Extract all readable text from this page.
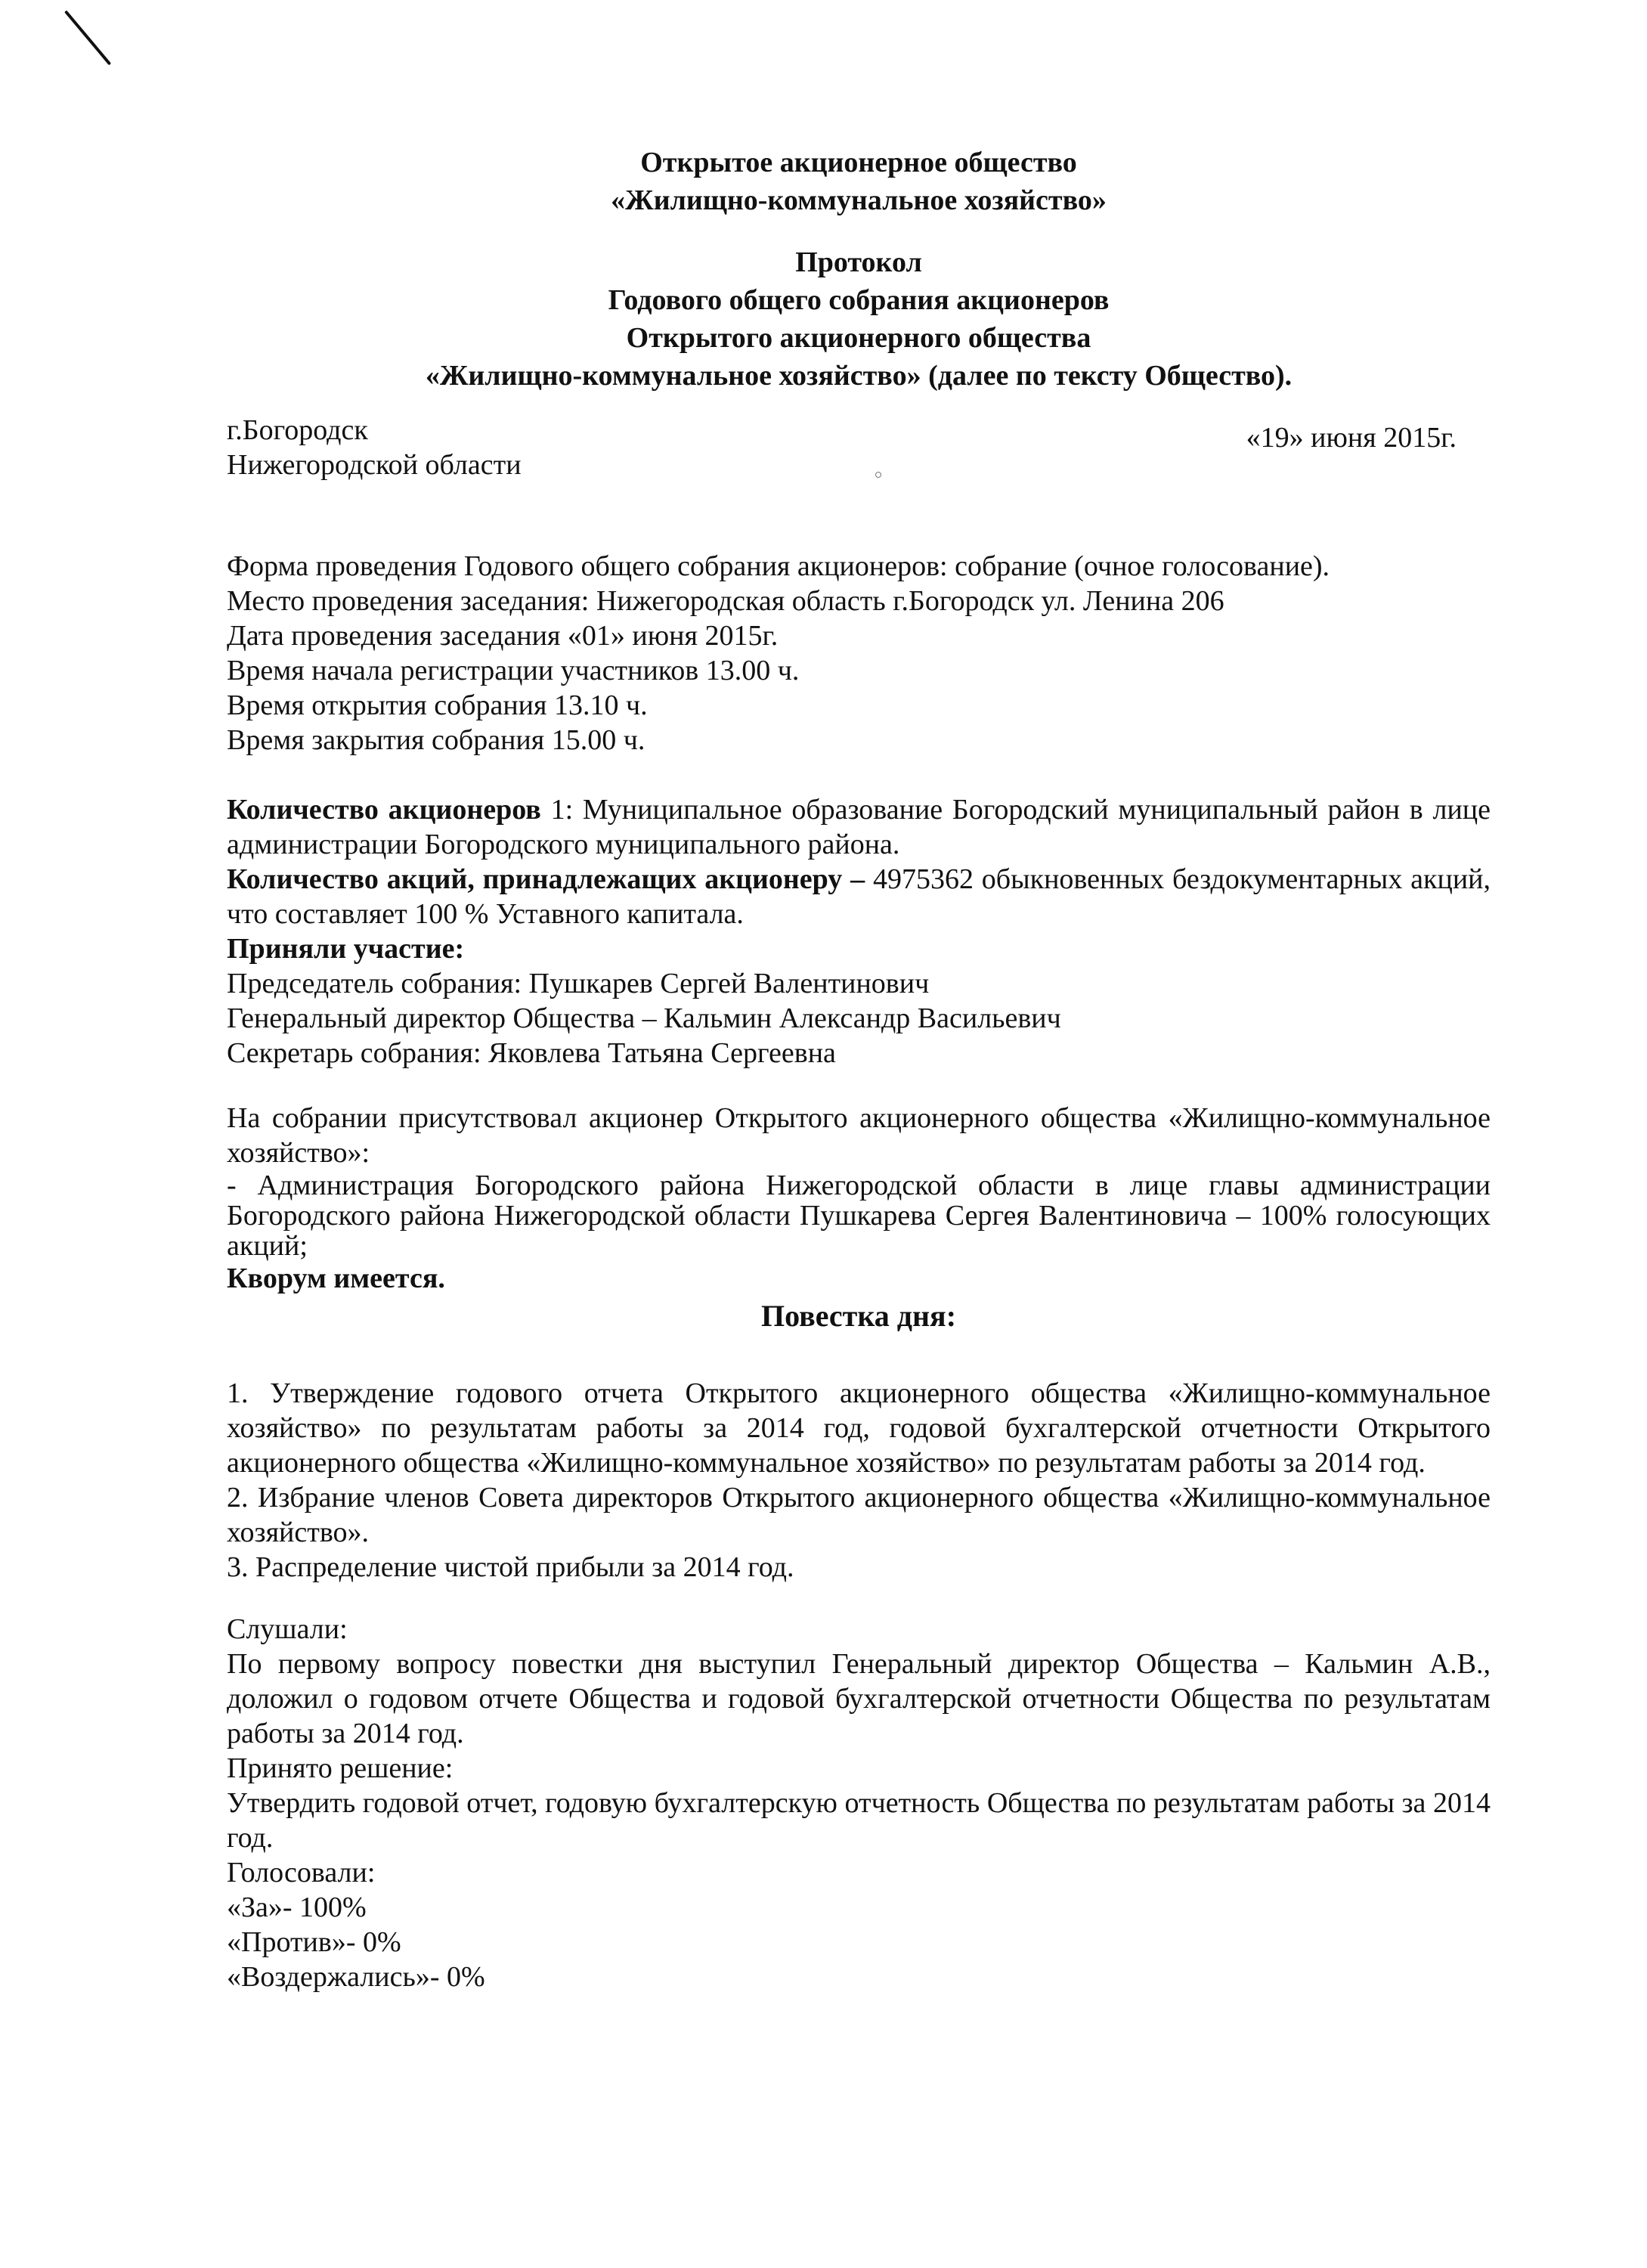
Открытое акционерное общество

«Жилищно-коммунальное хозяйство»

Протокол

Годового общего собрания акционеров

Открытого акционерного общества

«Жилищно-коммунальное хозяйство» (далее по тексту Общество).

г.Богородск

Нижегородской области

«19» июня 2015г.

Форма проведения Годового общего собрания акционеров: собрание (очное голосование).

Место проведения заседания: Нижегородская область г.Богородск ул. Ленина 206

Дата проведения заседания «01» июня 2015г.

Время начала регистрации участников 13.00 ч.

Время открытия собрания 13.10 ч.

Время закрытия собрания 15.00 ч.

Количество акционеров 1: Муниципальное образование Богородский муниципальный район в лице администрации Богородского муниципального района.

Количество акций, принадлежащих акционеру – 4975362 обыкновенных бездокументарных акций, что составляет 100 % Уставного капитала.

Приняли участие:

Председатель собрания: Пушкарев Сергей Валентинович

Генеральный директор Общества – Кальмин Александр Васильевич

Секретарь собрания: Яковлева Татьяна Сергеевна

На собрании присутствовал акционер Открытого акционерного общества «Жилищно-коммунальное хозяйство»:

- Администрация Богородского района Нижегородской области в лице главы администрации Богородского района Нижегородской области Пушкарева Сергея Валентиновича – 100% голосующих акций;

Кворум имеется.

Повестка дня:

1. Утверждение годового отчета Открытого акционерного общества «Жилищно-коммунальное хозяйство» по результатам работы за 2014 год, годовой бухгалтерской отчетности Открытого акционерного общества «Жилищно-коммунальное хозяйство» по результатам работы за 2014 год.

2. Избрание членов Совета директоров Открытого акционерного общества «Жилищно-коммунальное хозяйство».

3. Распределение чистой прибыли за 2014 год.

Слушали:

По первому вопросу повестки дня выступил Генеральный директор Общества – Кальмин А.В., доложил о годовом отчете Общества и годовой бухгалтерской отчетности Общества по результатам работы за 2014 год.

Принято решение:

Утвердить годовой отчет, годовую бухгалтерскую отчетность Общества по результатам работы за 2014 год.

Голосовали:

«За»- 100%

«Против»- 0%

«Воздержались»- 0%
